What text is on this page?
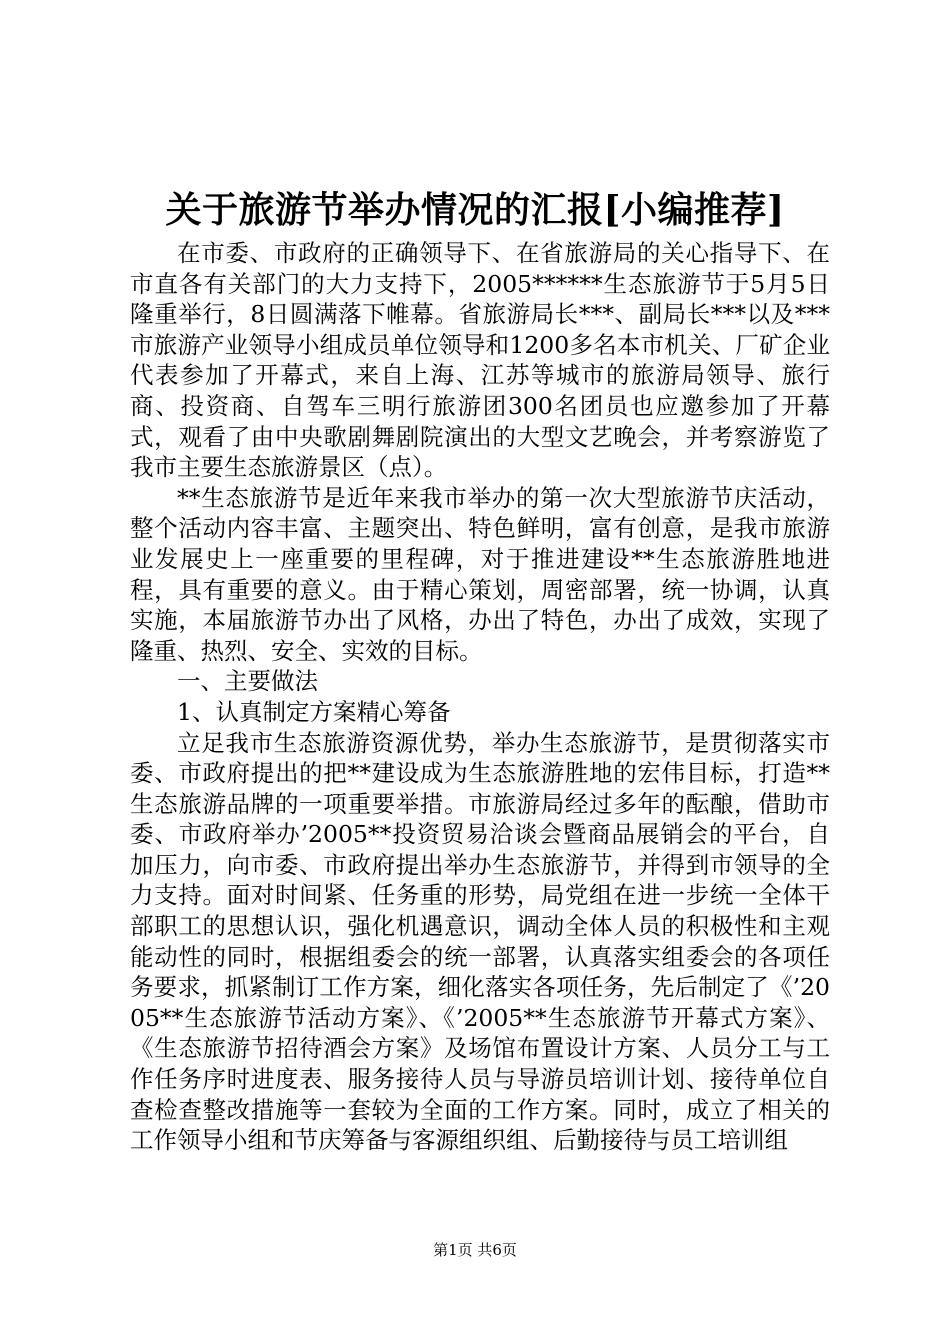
关于旅游节举办情况的汇报[小编推荐]

在市委、市政府的正确领导下、在省旅游局的关心指导下、在市直各有关部门的大力支持下，2005******生态旅游节于5月5日隆重举行，8日圆满落下帷幕。省旅游局长***、副局长***以及***市旅游产业领导小组成员单位领导和1200多名本市机关、厂矿企业代表参加了开幕式，来自上海、江苏等城市的旅游局领导、旅行商、投资商、自驾车三明行旅游团300名团员也应邀参加了开幕式，观看了由中央歌剧舞剧院演出的大型文艺晚会，并考察游览了我市主要生态旅游景区（点）。

**生态旅游节是近年来我市举办的第一次大型旅游节庆活动，整个活动内容丰富、主题突出、特色鲜明，富有创意，是我市旅游业发展史上一座重要的里程碑，对于推进建设**生态旅游胜地进程，具有重要的意义。由于精心策划，周密部署，统一协调，认真实施，本届旅游节办出了风格，办出了特色，办出了成效，实现了隆重、热烈、安全、实效的目标。

一、主要做法

1、认真制定方案精心筹备

立足我市生态旅游资源优势，举办生态旅游节，是贯彻落实市委、市政府提出的把**建设成为生态旅游胜地的宏伟目标，打造**生态旅游品牌的一项重要举措。市旅游局经过多年的酝酿，借助市委、市政府举办’2005**投资贸易洽谈会暨商品展销会的平台，自加压力，向市委、市政府提出举办生态旅游节，并得到市领导的全力支持。面对时间紧、任务重的形势，局党组在进一步统一全体干部职工的思想认识，强化机遇意识，调动全体人员的积极性和主观能动性的同时，根据组委会的统一部署，认真落实组委会的各项任务要求，抓紧制订工作方案，细化落实各项任务，先后制定了《’2005**生态旅游节活动方案》、《’2005**生态旅游节开幕式方案》、《生态旅游节招待酒会方案》及场馆布置设计方案、人员分工与工作任务序时进度表、服务接待人员与导游员培训计划、接待单位自查检查整改措施等一套较为全面的工作方案。同时，成立了相关的工作领导小组和节庆筹备与客源组织组、后勤接待与员工培训组

第1页 共6页
